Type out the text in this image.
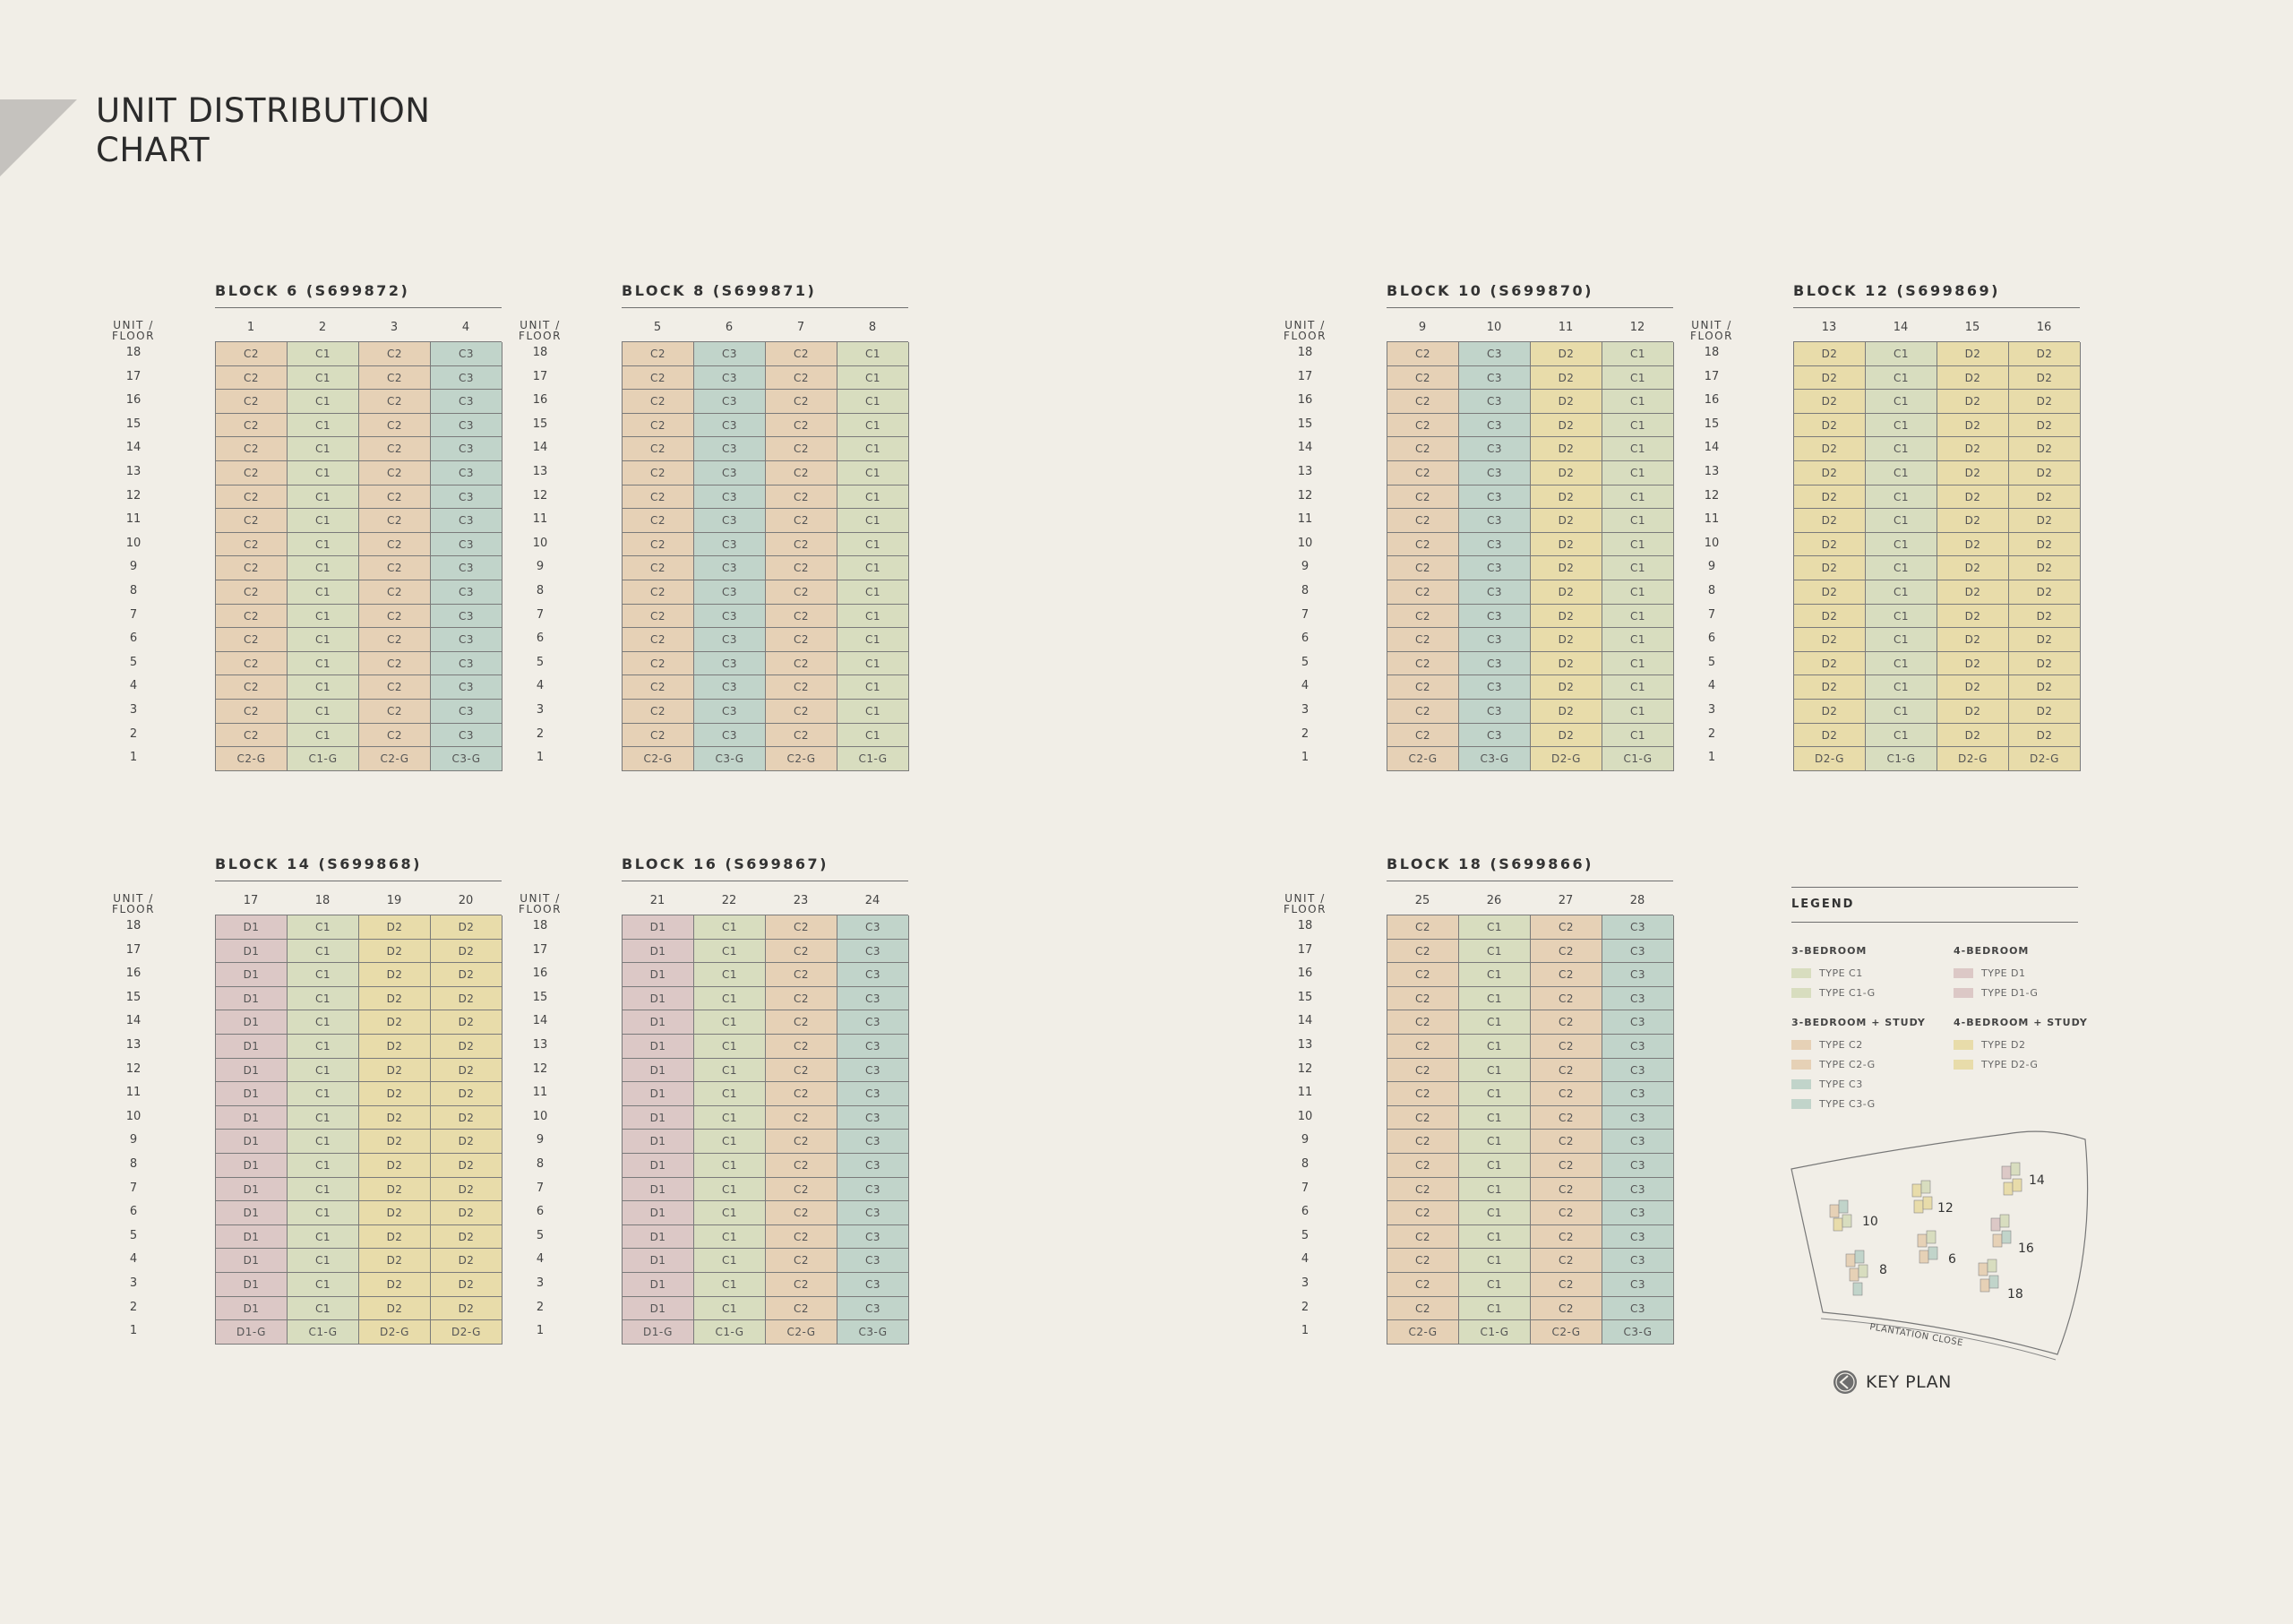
UNIT DISTRIBUTION
CHART
BLOCK 6 (S699872)
UNIT /
FLOOR
1	2	3	4
18
17
16
15
14
13
12
11
10
9
8
7
6
5
4
3
2
1
C2	C1	C2	C3
C2	C1	C2	C3
C2	C1	C2	C3
C2	C1	C2	C3
C2	C1	C2	C3
C2	C1	C2	C3
C2	C1	C2	C3
C2	C1	C2	C3
C2	C1	C2	C3
C2	C1	C2	C3
C2	C1	C2	C3
C2	C1	C2	C3
C2	C1	C2	C3
C2	C1	C2	C3
C2	C1	C2	C3
C2	C1	C2	C3
C2	C1	C2	C3
C2-G	C1-G	C2-G	C3-G
BLOCK 8 (S699871)
UNIT /
FLOOR
5	6	7	8
18
17
16
15
14
13
12
11
10
9
8
7
6
5
4
3
2
1
C2	C3	C2	C1
C2	C3	C2	C1
C2	C3	C2	C1
C2	C3	C2	C1
C2	C3	C2	C1
C2	C3	C2	C1
C2	C3	C2	C1
C2	C3	C2	C1
C2	C3	C2	C1
C2	C3	C2	C1
C2	C3	C2	C1
C2	C3	C2	C1
C2	C3	C2	C1
C2	C3	C2	C1
C2	C3	C2	C1
C2	C3	C2	C1
C2	C3	C2	C1
C2-G	C3-G	C2-G	C1-G
BLOCK 10 (S699870)
UNIT /
FLOOR
9	10	11	12
18
17
16
15
14
13
12
11
10
9
8
7
6
5
4
3
2
1
C2	C3	D2	C1
C2	C3	D2	C1
C2	C3	D2	C1
C2	C3	D2	C1
C2	C3	D2	C1
C2	C3	D2	C1
C2	C3	D2	C1
C2	C3	D2	C1
C2	C3	D2	C1
C2	C3	D2	C1
C2	C3	D2	C1
C2	C3	D2	C1
C2	C3	D2	C1
C2	C3	D2	C1
C2	C3	D2	C1
C2	C3	D2	C1
C2	C3	D2	C1
C2-G	C3-G	D2-G	C1-G
BLOCK 12 (S699869)
UNIT /
FLOOR
13	14	15	16
18
17
16
15
14
13
12
11
10
9
8
7
6
5
4
3
2
1
D2	C1	D2	D2
D2	C1	D2	D2
D2	C1	D2	D2
D2	C1	D2	D2
D2	C1	D2	D2
D2	C1	D2	D2
D2	C1	D2	D2
D2	C1	D2	D2
D2	C1	D2	D2
D2	C1	D2	D2
D2	C1	D2	D2
D2	C1	D2	D2
D2	C1	D2	D2
D2	C1	D2	D2
D2	C1	D2	D2
D2	C1	D2	D2
D2	C1	D2	D2
D2-G	C1-G	D2-G	D2-G
BLOCK 14 (S699868)
UNIT /
FLOOR
17	18	19	20
18
17
16
15
14
13
12
11
10
9
8
7
6
5
4
3
2
1
D1	C1	D2	D2
D1	C1	D2	D2
D1	C1	D2	D2
D1	C1	D2	D2
D1	C1	D2	D2
D1	C1	D2	D2
D1	C1	D2	D2
D1	C1	D2	D2
D1	C1	D2	D2
D1	C1	D2	D2
D1	C1	D2	D2
D1	C1	D2	D2
D1	C1	D2	D2
D1	C1	D2	D2
D1	C1	D2	D2
D1	C1	D2	D2
D1	C1	D2	D2
D1-G	C1-G	D2-G	D2-G
BLOCK 16 (S699867)
UNIT /
FLOOR
21	22	23	24
18
17
16
15
14
13
12
11
10
9
8
7
6
5
4
3
2
1
D1	C1	C2	C3
D1	C1	C2	C3
D1	C1	C2	C3
D1	C1	C2	C3
D1	C1	C2	C3
D1	C1	C2	C3
D1	C1	C2	C3
D1	C1	C2	C3
D1	C1	C2	C3
D1	C1	C2	C3
D1	C1	C2	C3
D1	C1	C2	C3
D1	C1	C2	C3
D1	C1	C2	C3
D1	C1	C2	C3
D1	C1	C2	C3
D1	C1	C2	C3
D1-G	C1-G	C2-G	C3-G
BLOCK 18 (S699866)
UNIT /
FLOOR
25	26	27	28
18
17
16
15
14
13
12
11
10
9
8
7
6
5
4
3
2
1
C2	C1	C2	C3
C2	C1	C2	C3
C2	C1	C2	C3
C2	C1	C2	C3
C2	C1	C2	C3
C2	C1	C2	C3
C2	C1	C2	C3
C2	C1	C2	C3
C2	C1	C2	C3
C2	C1	C2	C3
C2	C1	C2	C3
C2	C1	C2	C3
C2	C1	C2	C3
C2	C1	C2	C3
C2	C1	C2	C3
C2	C1	C2	C3
C2	C1	C2	C3
C2-G	C1-G	C2-G	C3-G
LEGEND
3-BEDROOM
TYPE C1
TYPE C1-G
4-BEDROOM
TYPE D1
TYPE D1-G
3-BEDROOM + STUDY
TYPE C2
TYPE C2-G
TYPE C3
TYPE C3-G
4-BEDROOM + STUDY
TYPE D2
TYPE D2-G
14
12
10
16
6
8
18
PLANTATION CLOSE
KEY PLAN
